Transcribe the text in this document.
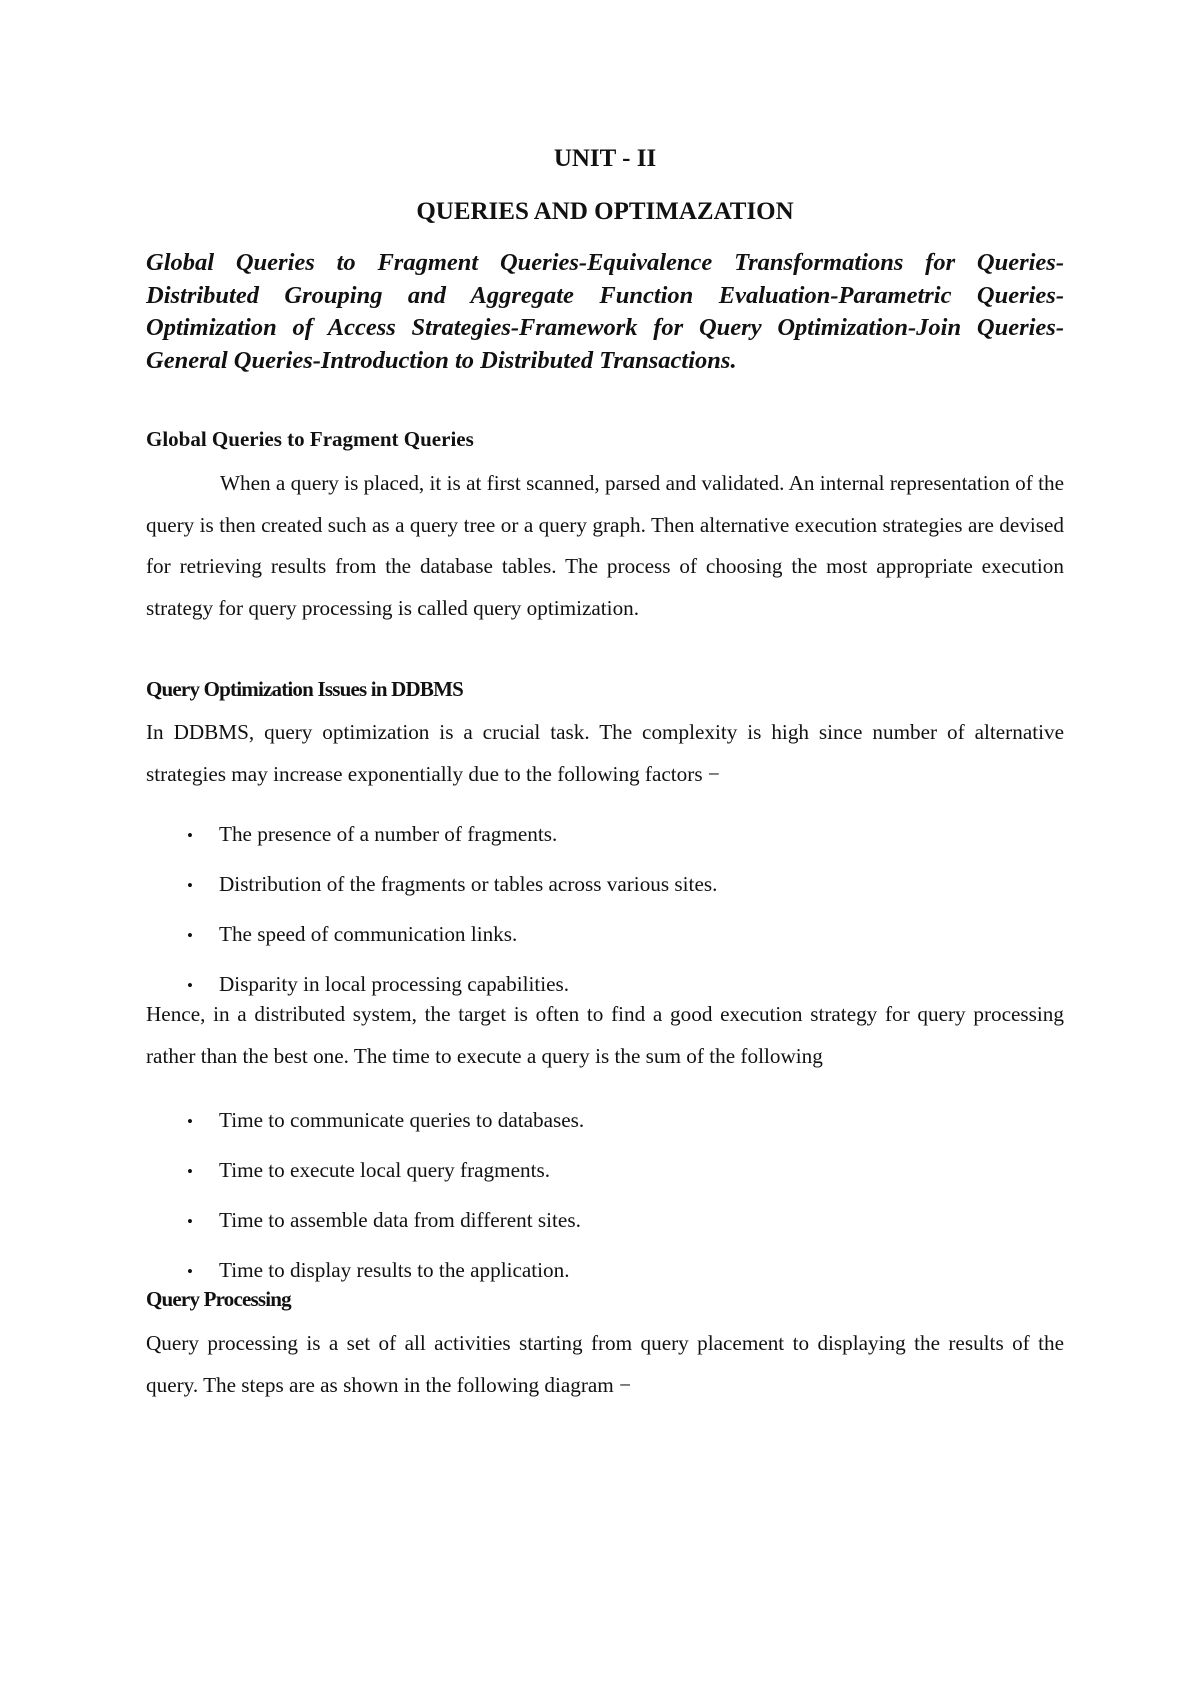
UNIT - II
QUERIES AND OPTIMAZATION

Global Queries to Fragment Queries-Equivalence Transformations for Queries-Distributed Grouping and Aggregate Function Evaluation-Parametric Queries-Optimization of Access Strategies-Framework for Query Optimization-Join Queries- General Queries-Introduction to Distributed Transactions.

Global Queries to Fragment Queries

When a query is placed, it is at first scanned, parsed and validated. An internal representation of the query is then created such as a query tree or a query graph. Then alternative execution strategies are devised for retrieving results from the database tables. The process of choosing the most appropriate execution strategy for query processing is called query optimization.

Query Optimization Issues in DDBMS

In DDBMS, query optimization is a crucial task. The complexity is high since number of alternative strategies may increase exponentially due to the following factors −

• The presence of a number of fragments.
• Distribution of the fragments or tables across various sites.
• The speed of communication links.
• Disparity in local processing capabilities.

Hence, in a distributed system, the target is often to find a good execution strategy for query processing rather than the best one. The time to execute a query is the sum of the following

• Time to communicate queries to databases.
• Time to execute local query fragments.
• Time to assemble data from different sites.
• Time to display results to the application.
Query Processing

Query processing is a set of all activities starting from query placement to displaying the results of the query. The steps are as shown in the following diagram −
